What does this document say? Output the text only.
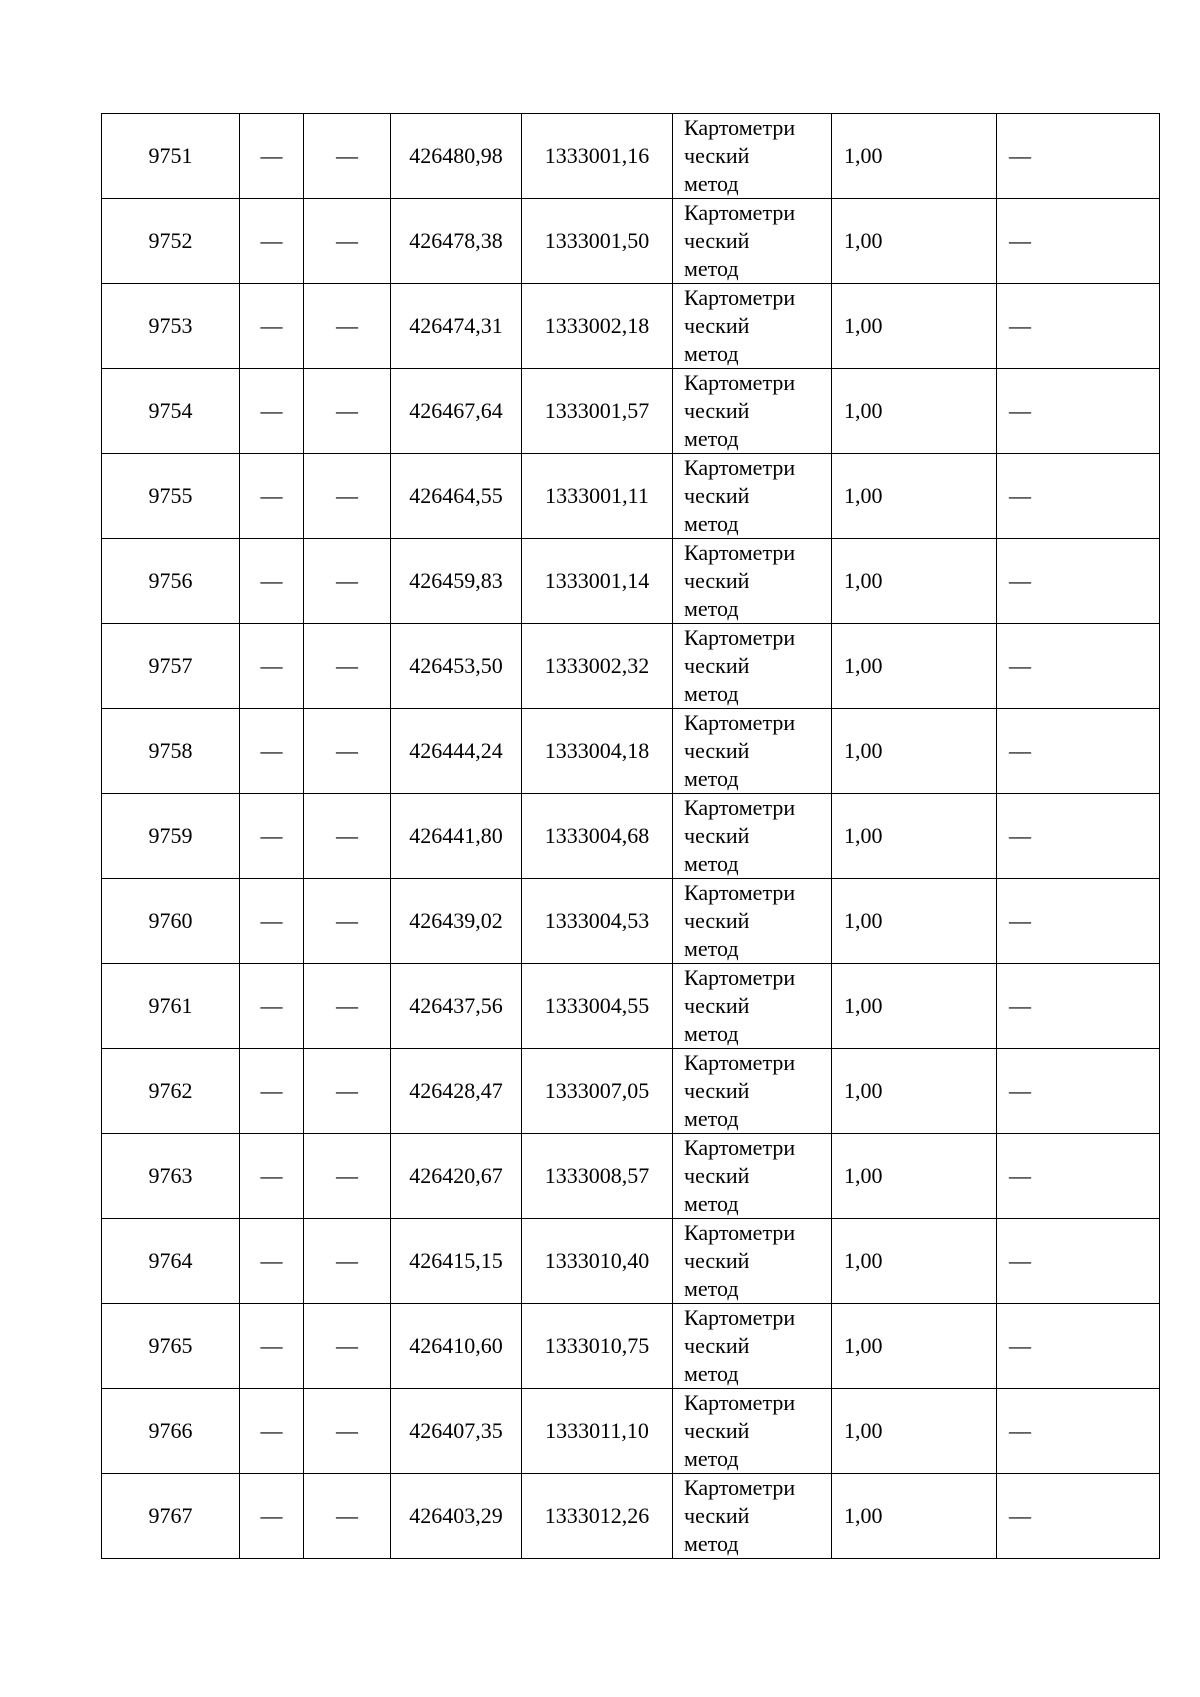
9751	—	—	426480,98	1333001,16	Картометри
ческий
метод	1,00	—
9752	—	—	426478,38	1333001,50	Картометри
ческий
метод	1,00	—
9753	—	—	426474,31	1333002,18	Картометри
ческий
метод	1,00	—
9754	—	—	426467,64	1333001,57	Картометри
ческий
метод	1,00	—
9755	—	—	426464,55	1333001,11	Картометри
ческий
метод	1,00	—
9756	—	—	426459,83	1333001,14	Картометри
ческий
метод	1,00	—
9757	—	—	426453,50	1333002,32	Картометри
ческий
метод	1,00	—
9758	—	—	426444,24	1333004,18	Картометри
ческий
метод	1,00	—
9759	—	—	426441,80	1333004,68	Картометри
ческий
метод	1,00	—
9760	—	—	426439,02	1333004,53	Картометри
ческий
метод	1,00	—
9761	—	—	426437,56	1333004,55	Картометри
ческий
метод	1,00	—
9762	—	—	426428,47	1333007,05	Картометри
ческий
метод	1,00	—
9763	—	—	426420,67	1333008,57	Картометри
ческий
метод	1,00	—
9764	—	—	426415,15	1333010,40	Картометри
ческий
метод	1,00	—
9765	—	—	426410,60	1333010,75	Картометри
ческий
метод	1,00	—
9766	—	—	426407,35	1333011,10	Картометри
ческий
метод	1,00	—
9767	—	—	426403,29	1333012,26	Картометри
ческий
метод	1,00	—
